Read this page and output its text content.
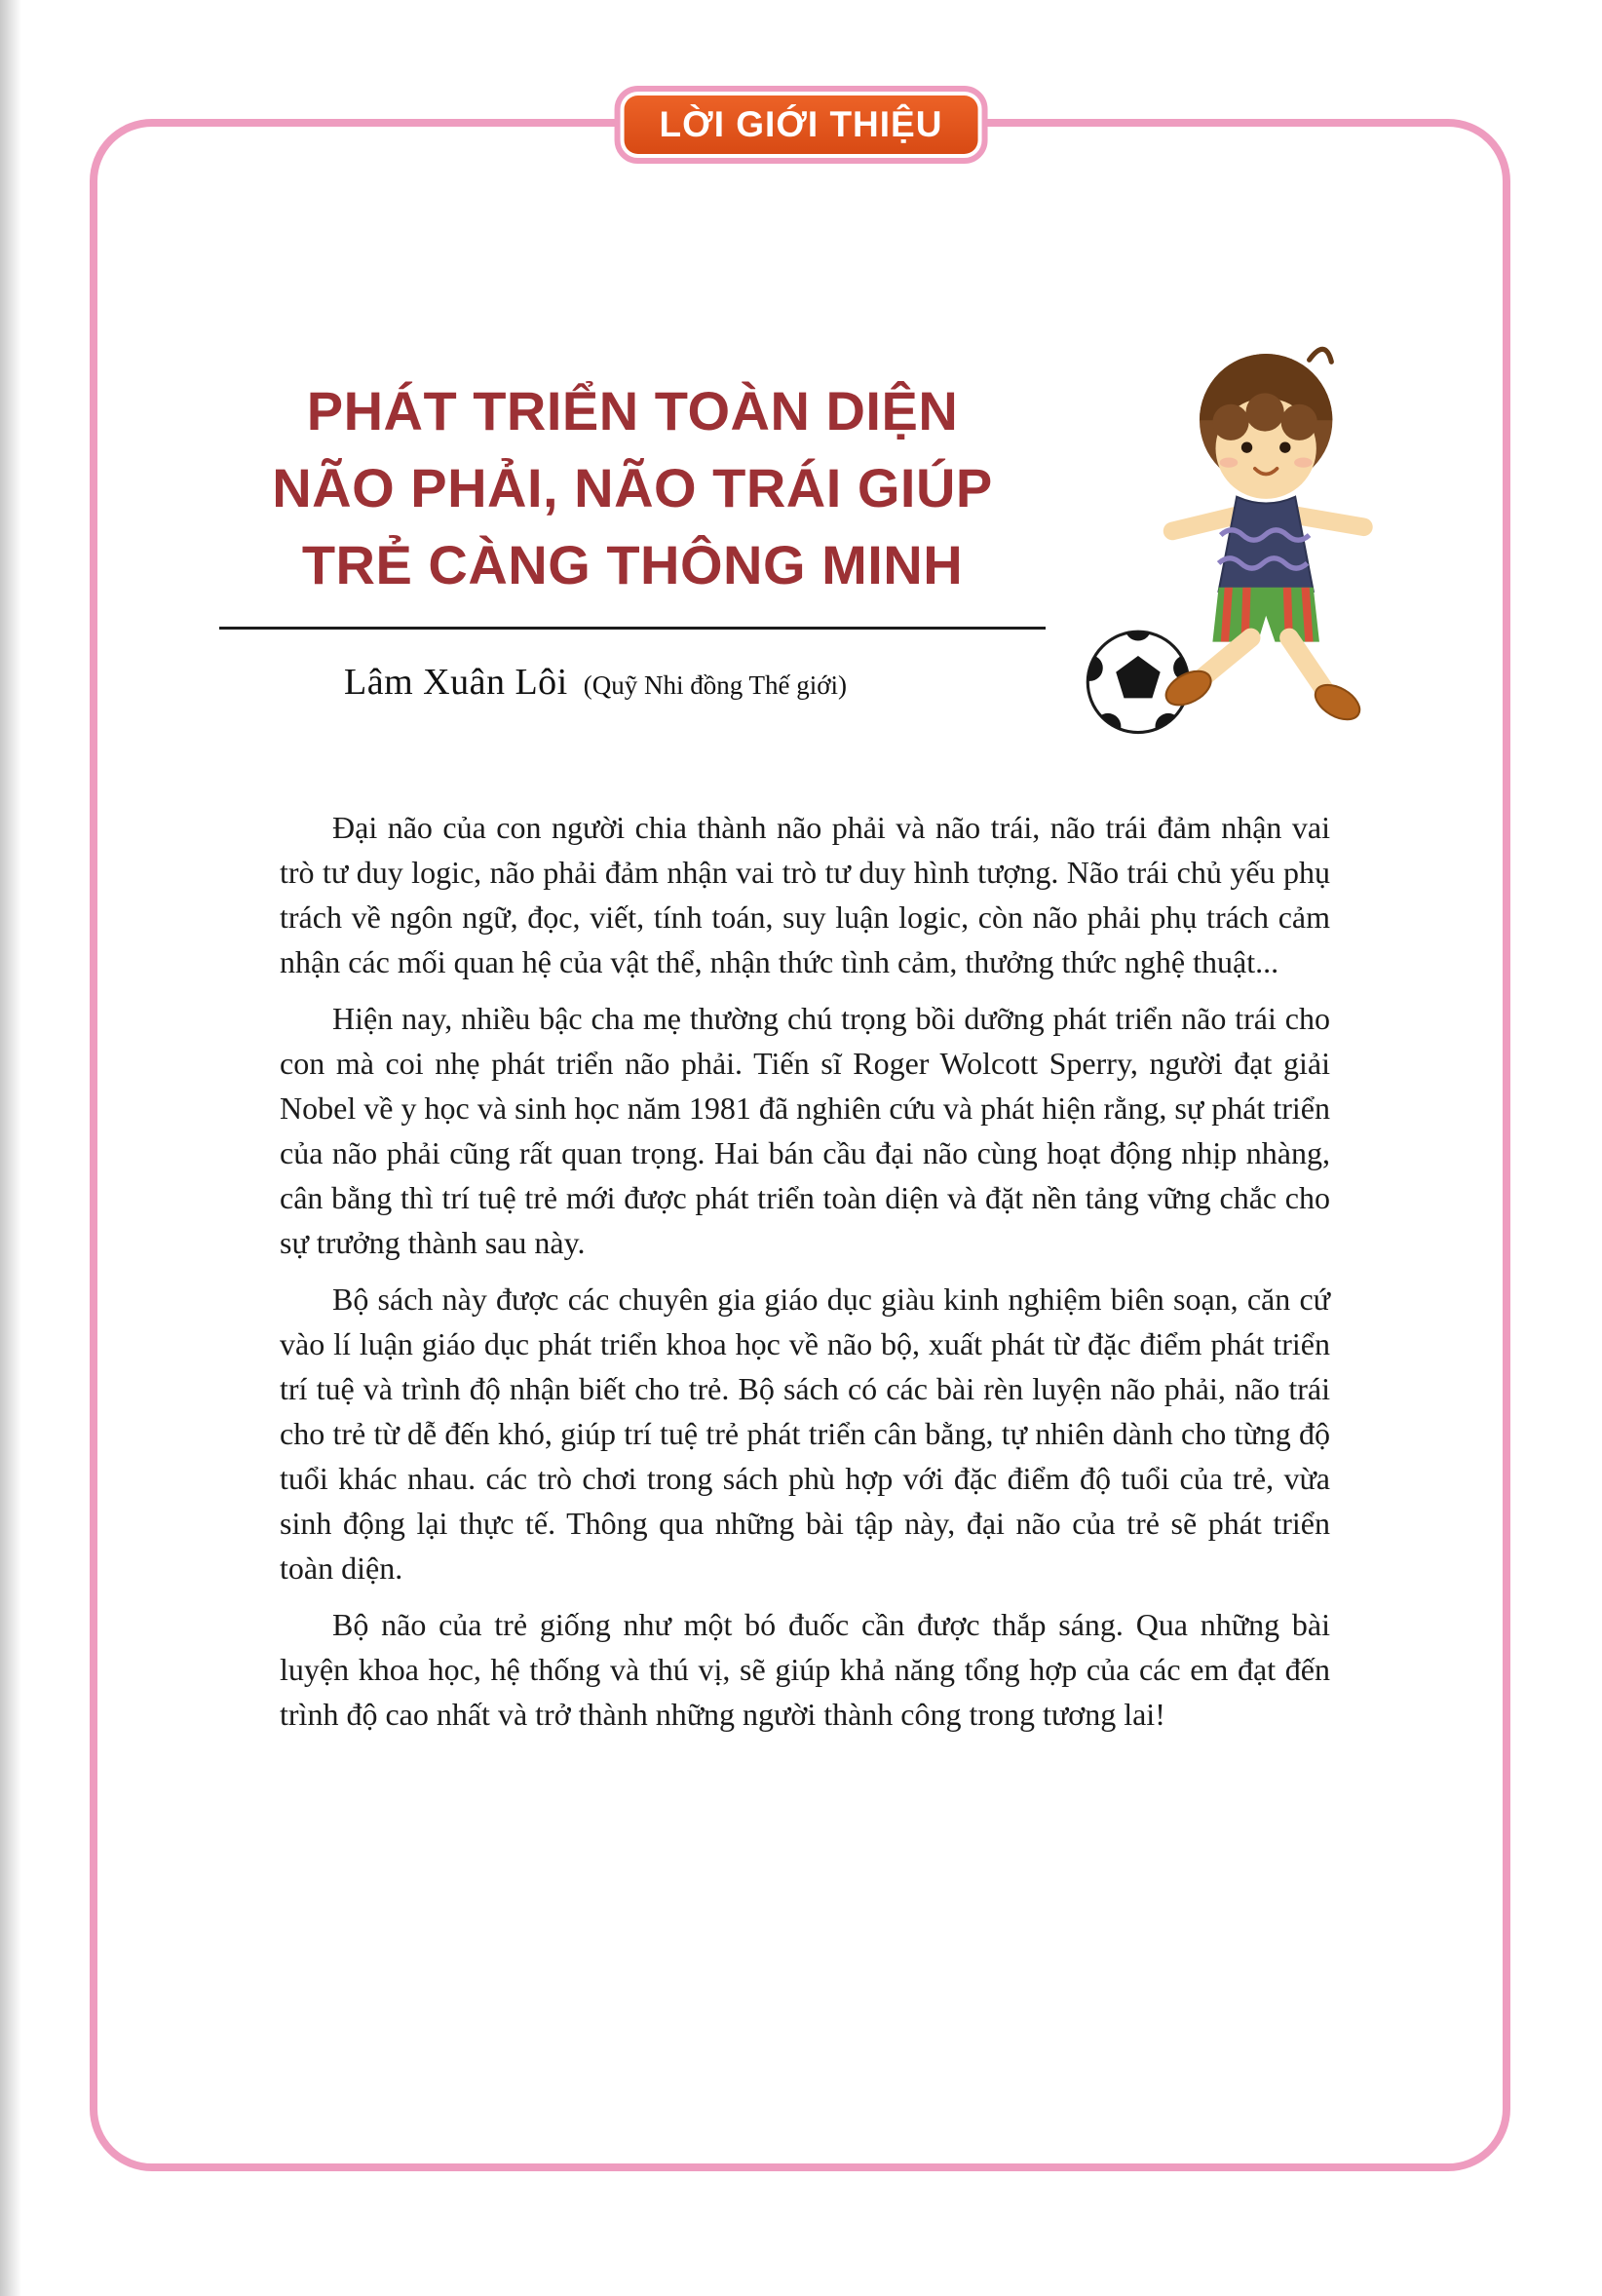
LỜI GIỚI THIỆU
PHÁT TRIỂN TOÀN DIỆN
NÃO PHẢI, NÃO TRÁI GIÚP
TRẺ CÀNG THÔNG MINH
Lâm Xuân Lôi (Quỹ Nhi đồng Thế giới)

Đại não của con người chia thành não phải và não trái, não trái đảm nhận vai trò tư duy logic, não phải đảm nhận vai trò tư duy hình tượng. Não trái chủ yếu phụ trách về ngôn ngữ, đọc, viết, tính toán, suy luận logic, còn não phải phụ trách cảm nhận các mối quan hệ của vật thể, nhận thức tình cảm, thưởng thức nghệ thuật...

Hiện nay, nhiều bậc cha mẹ thường chú trọng bồi dưỡng phát triển não trái cho con mà coi nhẹ phát triển não phải. Tiến sĩ Roger Wolcott Sperry, người đạt giải Nobel về y học và sinh học năm 1981 đã nghiên cứu và phát hiện rằng, sự phát triển của não phải cũng rất quan trọng. Hai bán cầu đại não cùng hoạt động nhịp nhàng, cân bằng thì trí tuệ trẻ mới được phát triển toàn diện và đặt nền tảng vững chắc cho sự trưởng thành sau này.

Bộ sách này được các chuyên gia giáo dục giàu kinh nghiệm biên soạn, căn cứ vào lí luận giáo dục phát triển khoa học về não bộ, xuất phát từ đặc điểm phát triển trí tuệ và trình độ nhận biết cho trẻ. Bộ sách có các bài rèn luyện não phải, não trái cho trẻ từ dễ đến khó, giúp trí tuệ trẻ phát triển cân bằng, tự nhiên dành cho từng độ tuổi khác nhau. các trò chơi trong sách phù hợp với đặc điểm độ tuổi của trẻ, vừa sinh động lại thực tế. Thông qua những bài tập này, đại não của trẻ sẽ phát triển toàn diện.

Bộ não của trẻ giống như một bó đuốc cần được thắp sáng. Qua những bài luyện khoa học, hệ thống và thú vị, sẽ giúp khả năng tổng hợp của các em đạt đến trình độ cao nhất và trở thành những người thành công trong tương lai!
